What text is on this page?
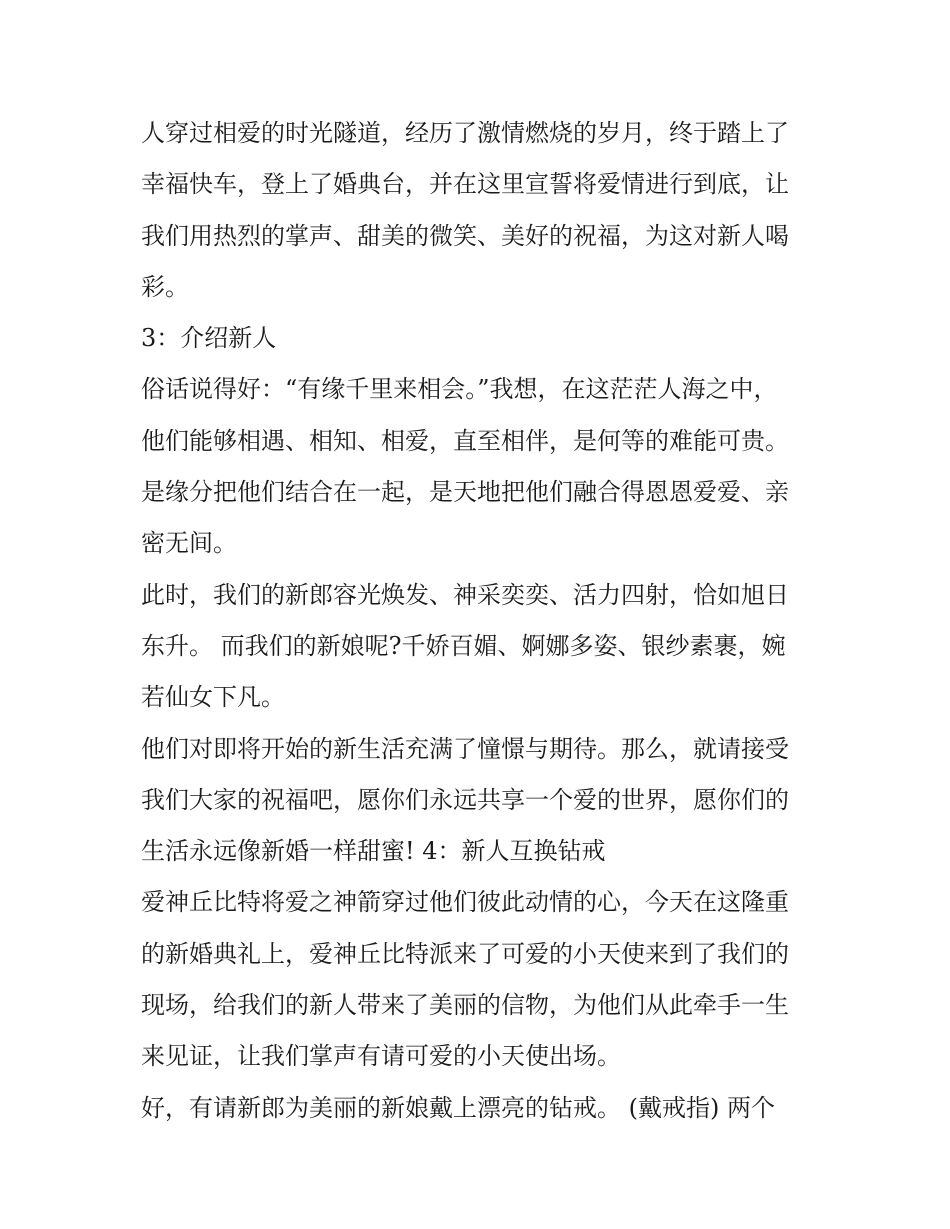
人穿过相爱的时光隧道，经历了激情燃烧的岁月，终于踏上了
幸福快车，登上了婚典台，并在这里宣誓将爱情进行到底，让
我们用热烈的掌声、甜美的微笑、美好的祝福，为这对新人喝
彩。
3：介绍新人
俗话说得好：“有缘千里来相会。”我想，在这茫茫人海之中，
他们能够相遇、相知、相爱，直至相伴，是何等的难能可贵。
是缘分把他们结合在一起，是天地把他们融合得恩恩爱爱、亲
密无间。
此时，我们的新郎容光焕发、神采奕奕、活力四射，恰如旭日
东升。 而我们的新娘呢?千娇百媚、婀娜多姿、银纱素裹，婉
若仙女下凡。
他们对即将开始的新生活充满了憧憬与期待。那么，就请接受
我们大家的祝福吧，愿你们永远共享一个爱的世界，愿你们的
生活永远像新婚一样甜蜜! 4：新人互换钻戒
爱神丘比特将爱之神箭穿过他们彼此动情的心，今天在这隆重
的新婚典礼上，爱神丘比特派来了可爱的小天使来到了我们的
现场，给我们的新人带来了美丽的信物，为他们从此牵手一生
来见证，让我们掌声有请可爱的小天使出场。
好，有请新郎为美丽的新娘戴上漂亮的钻戒。 (戴戒指) 两个
